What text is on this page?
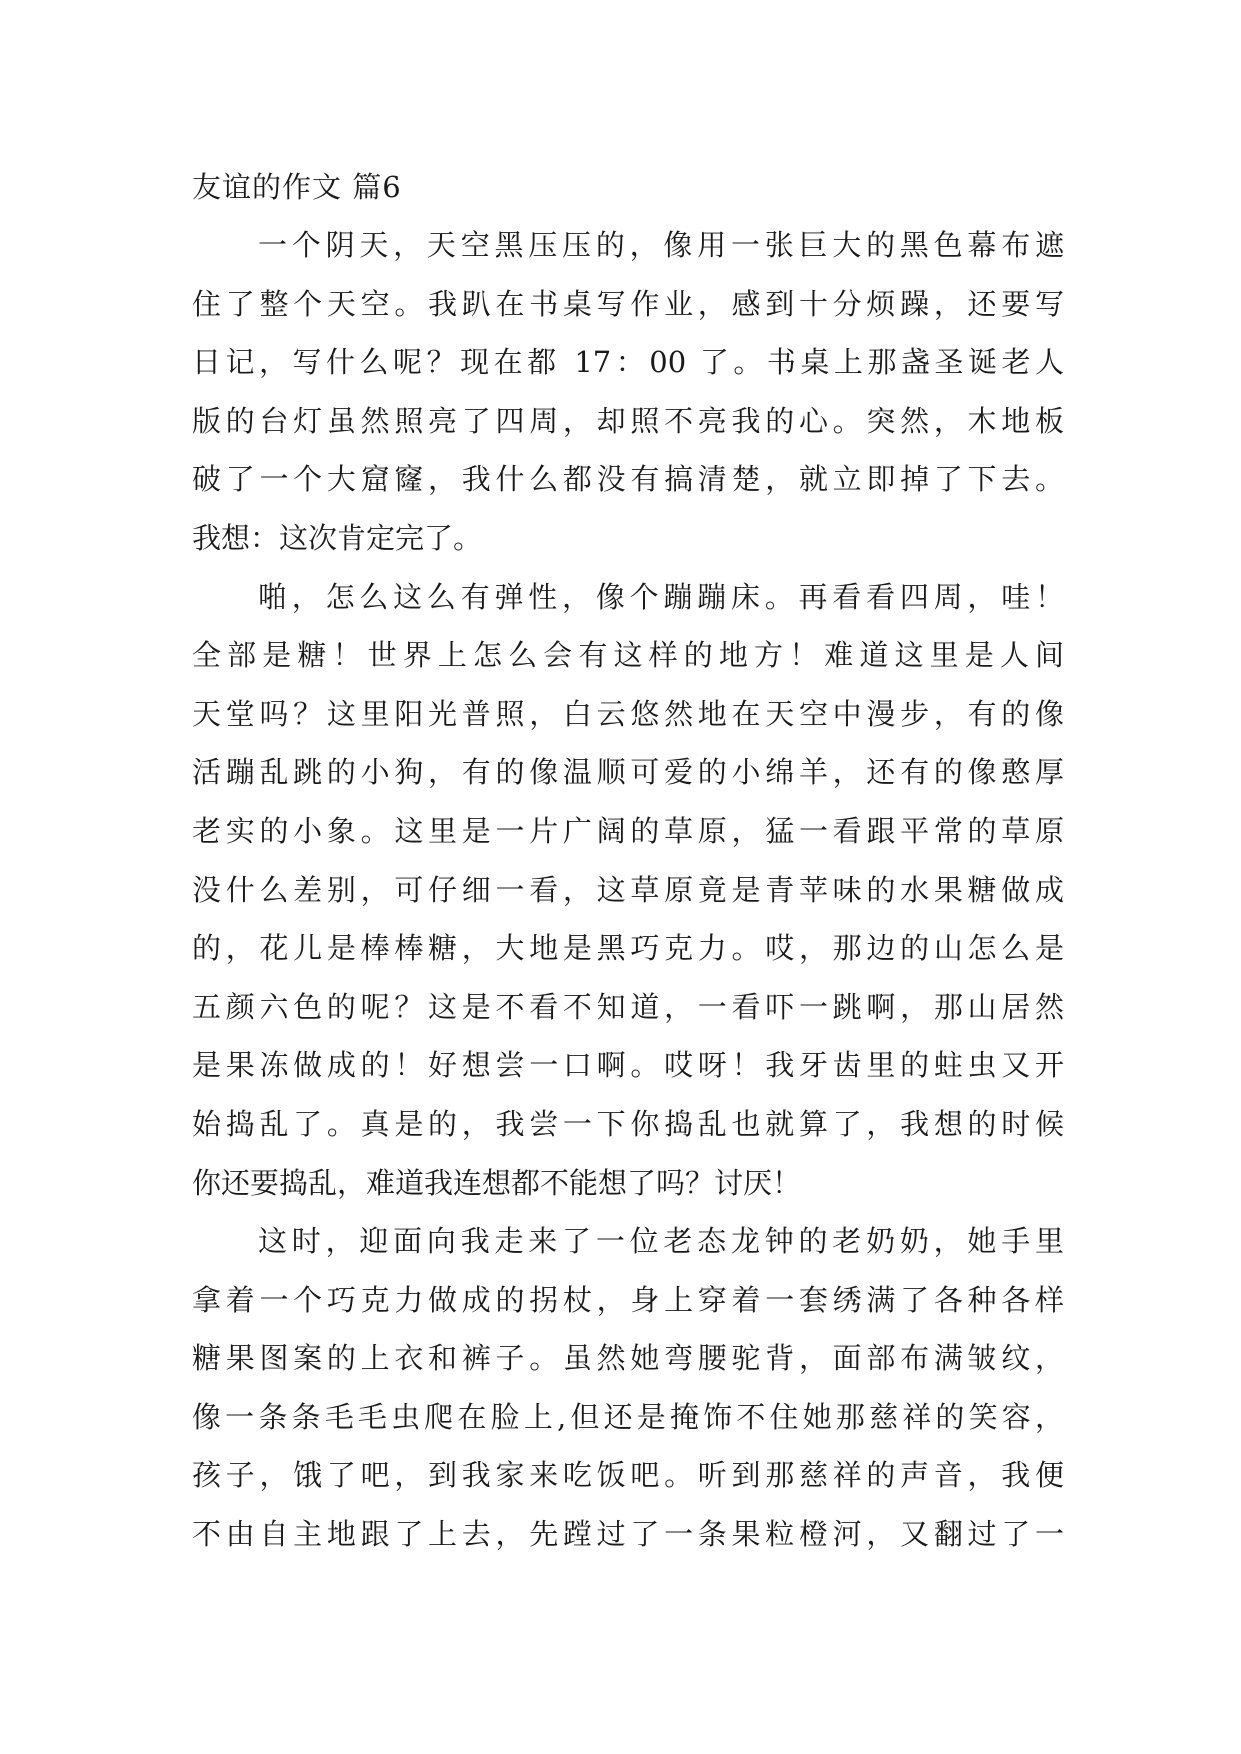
友谊的作文 篇6
一个阴天，天空黑压压的，像用一张巨大的黑色幕布遮
住了整个天空。我趴在书桌写作业，感到十分烦躁，还要写
日记，写什么呢？现在都 17：00 了。书桌上那盏圣诞老人
版的台灯虽然照亮了四周，却照不亮我的心。突然，木地板
破了一个大窟窿，我什么都没有搞清楚，就立即掉了下去。
我想：这次肯定完了。
啪，怎么这么有弹性，像个蹦蹦床。再看看四周，哇！
全部是糖！世界上怎么会有这样的地方！难道这里是人间
天堂吗？这里阳光普照，白云悠然地在天空中漫步，有的像
活蹦乱跳的小狗，有的像温顺可爱的小绵羊，还有的像憨厚
老实的小象。这里是一片广阔的草原，猛一看跟平常的草原
没什么差别，可仔细一看，这草原竟是青苹味的水果糖做成
的，花儿是棒棒糖，大地是黑巧克力。哎，那边的山怎么是
五颜六色的呢？这是不看不知道，一看吓一跳啊，那山居然
是果冻做成的！好想尝一口啊。哎呀！我牙齿里的蛀虫又开
始捣乱了。真是的，我尝一下你捣乱也就算了，我想的时候
你还要捣乱，难道我连想都不能想了吗？讨厌！
这时，迎面向我走来了一位老态龙钟的老奶奶，她手里
拿着一个巧克力做成的拐杖，身上穿着一套绣满了各种各样
糖果图案的上衣和裤子。虽然她弯腰驼背，面部布满皱纹，
像一条条毛毛虫爬在脸上,但还是掩饰不住她那慈祥的笑容，
孩子，饿了吧，到我家来吃饭吧。听到那慈祥的声音，我便
不由自主地跟了上去，先蹚过了一条果粒橙河，又翻过了一
